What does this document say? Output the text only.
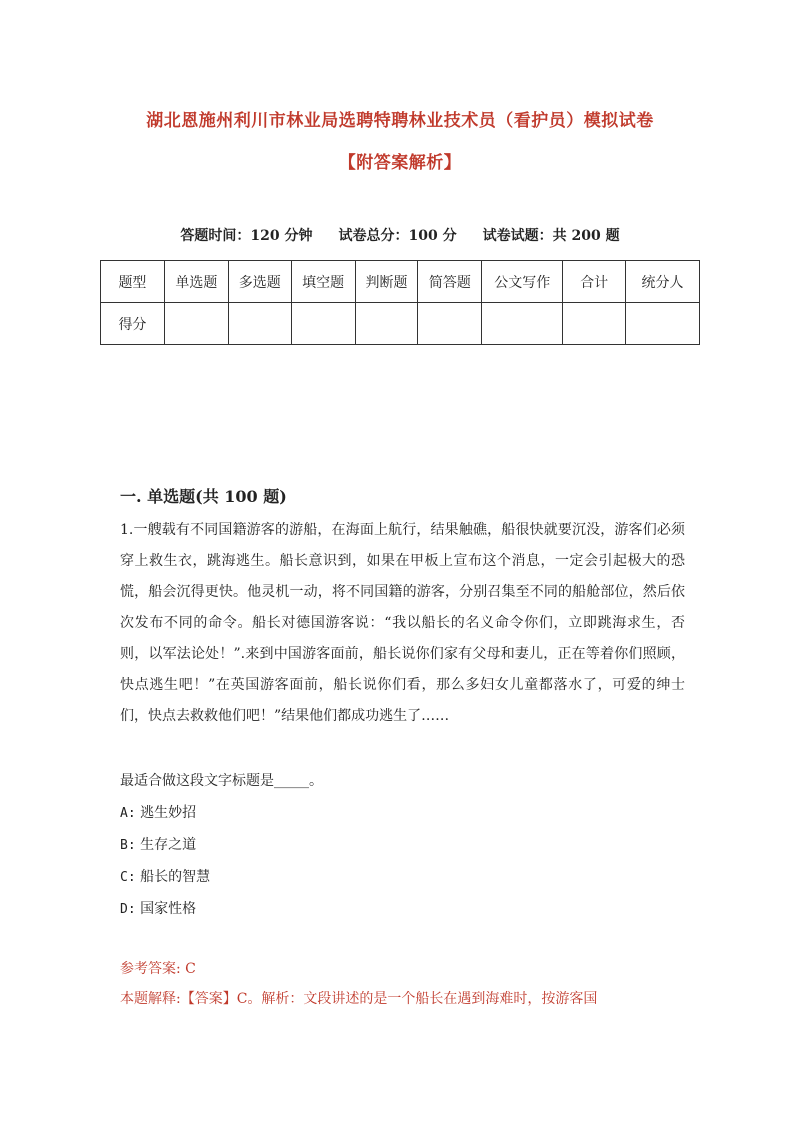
湖北恩施州利川市林业局选聘特聘林业技术员（看护员）模拟试卷
【附答案解析】
答题时间：120 分钟 试卷总分：100 分 试卷试题：共 200 题
题型	单选题	多选题	填空题	判断题	简答题	公文写作	合计	统分人
得分								
一. 单选题(共 100 题)
1.一艘载有不同国籍游客的游船，在海面上航行，结果触礁，船很快就要沉没，游客们必须穿上救生衣，跳海逃生。船长意识到，如果在甲板上宣布这个消息，一定会引起极大的恐慌，船会沉得更快。他灵机一动，将不同国籍的游客，分别召集至不同的船舱部位，然后依次发布不同的命令。船长对德国游客说：“我以船长的名义命令你们，立即跳海求生，否则，以军法论处！”.来到中国游客面前，船长说你们家有父母和妻儿，正在等着你们照顾，快点逃生吧！”在英国游客面前，船长说你们看，那么多妇女儿童都落水了，可爱的绅士们，快点去救救他们吧！”结果他们都成功逃生了……
最适合做这段文字标题是_____。
A: 逃生妙招
B: 生存之道
C: 船长的智慧
D: 国家性格
参考答案: C
本题解释:【答案】C。解析：文段讲述的是一个船长在遇到海难时，按游客国
